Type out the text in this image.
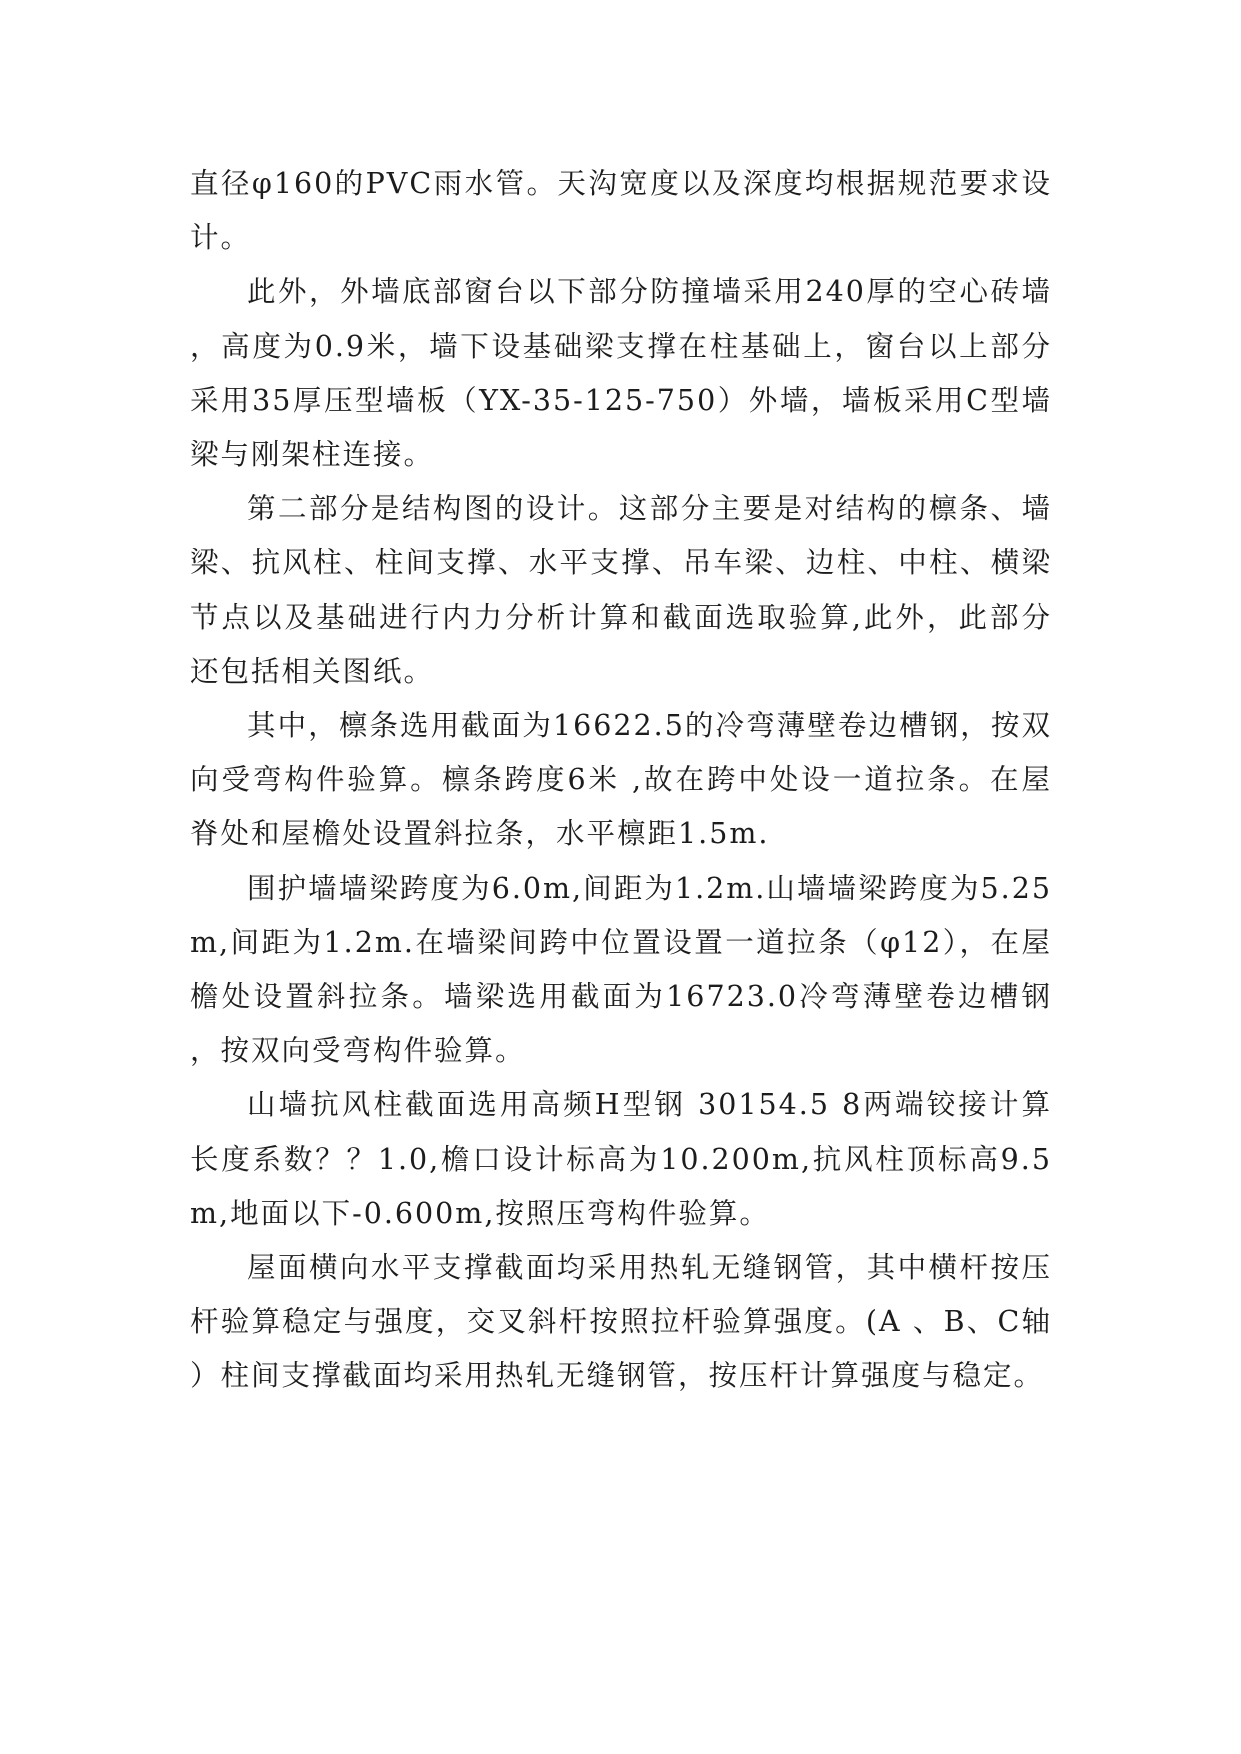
直径φ160的PVC雨水管。天沟宽度以及深度均根据规范要求设计。

此外，外墙底部窗台以下部分防撞墙采用240厚的空心砖墙，高度为0.9米，墙下设基础梁支撑在柱基础上，窗台以上部分采用35厚压型墙板（YX-35-125-750）外墙，墙板采用C型墙梁与刚架柱连接。

第二部分是结构图的设计。这部分主要是对结构的檩条、墙梁、抗风柱、柱间支撑、水平支撑、吊车梁、边柱、中柱、横梁节点以及基础进行内力分析计算和截面选取验算,此外，此部分还包括相关图纸。

其中，檩条选用截面为16622.5的冷弯薄壁卷边槽钢，按双向受弯构件验算。檩条跨度6米 ,故在跨中处设一道拉条。在屋脊处和屋檐处设置斜拉条，水平檩距1.5m.

围护墙墙梁跨度为6.0m,间距为1.2m.山墙墙梁跨度为5.25m,间距为1.2m.在墙梁间跨中位置设置一道拉条（φ12），在屋檐处设置斜拉条。墙梁选用截面为16723.0冷弯薄壁卷边槽钢，按双向受弯构件验算。

山墙抗风柱截面选用高频H型钢 30154.5 8两端铰接计算长度系数？？1.0,檐口设计标高为10.200m,抗风柱顶标高9.5m,地面以下-0.600m,按照压弯构件验算。

屋面横向水平支撑截面均采用热轧无缝钢管，其中横杆按压杆验算稳定与强度，交叉斜杆按照拉杆验算强度。(A 、B、C轴）柱间支撑截面均采用热轧无缝钢管，按压杆计算强度与稳定。
